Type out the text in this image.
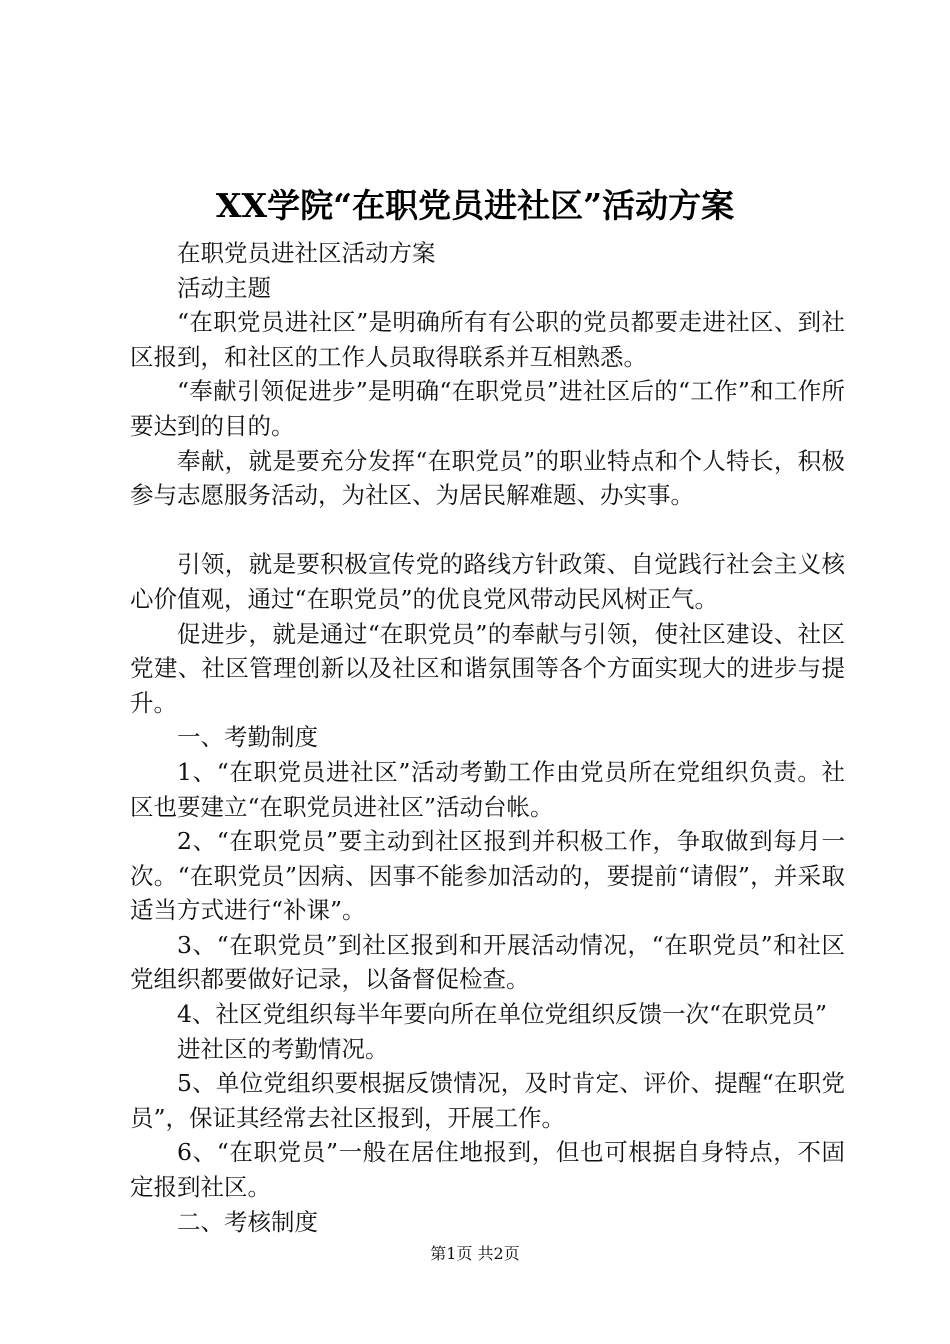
XX学院“在职党员进社区”活动方案

在职党员进社区活动方案

活动主题

“在职党员进社区”是明确所有有公职的党员都要走进社区、到社区报到，和社区的工作人员取得联系并互相熟悉。

“奉献引领促进步”是明确“在职党员”进社区后的“工作”和工作所要达到的目的。

奉献，就是要充分发挥“在职党员”的职业特点和个人特长，积极参与志愿服务活动，为社区、为居民解难题、办实事。

引领，就是要积极宣传党的路线方针政策、自觉践行社会主义核心价值观，通过“在职党员”的优良党风带动民风树正气。

促进步，就是通过“在职党员”的奉献与引领，使社区建设、社区党建、社区管理创新以及社区和谐氛围等各个方面实现大的进步与提升。

一、考勤制度

1、“在职党员进社区”活动考勤工作由党员所在党组织负责。社区也要建立“在职党员进社区”活动台帐。

2、“在职党员”要主动到社区报到并积极工作，争取做到每月一次。“在职党员”因病、因事不能参加活动的，要提前“请假”，并采取适当方式进行“补课”。

3、“在职党员”到社区报到和开展活动情况，“在职党员”和社区党组织都要做好记录，以备督促检查。

4、社区党组织每半年要向所在单位党组织反馈一次“在职党员”

进社区的考勤情况。

5、单位党组织要根据反馈情况，及时肯定、评价、提醒“在职党员”，保证其经常去社区报到，开展工作。

6、“在职党员”一般在居住地报到，但也可根据自身特点，不固定报到社区。

二、考核制度

第1页 共2页
